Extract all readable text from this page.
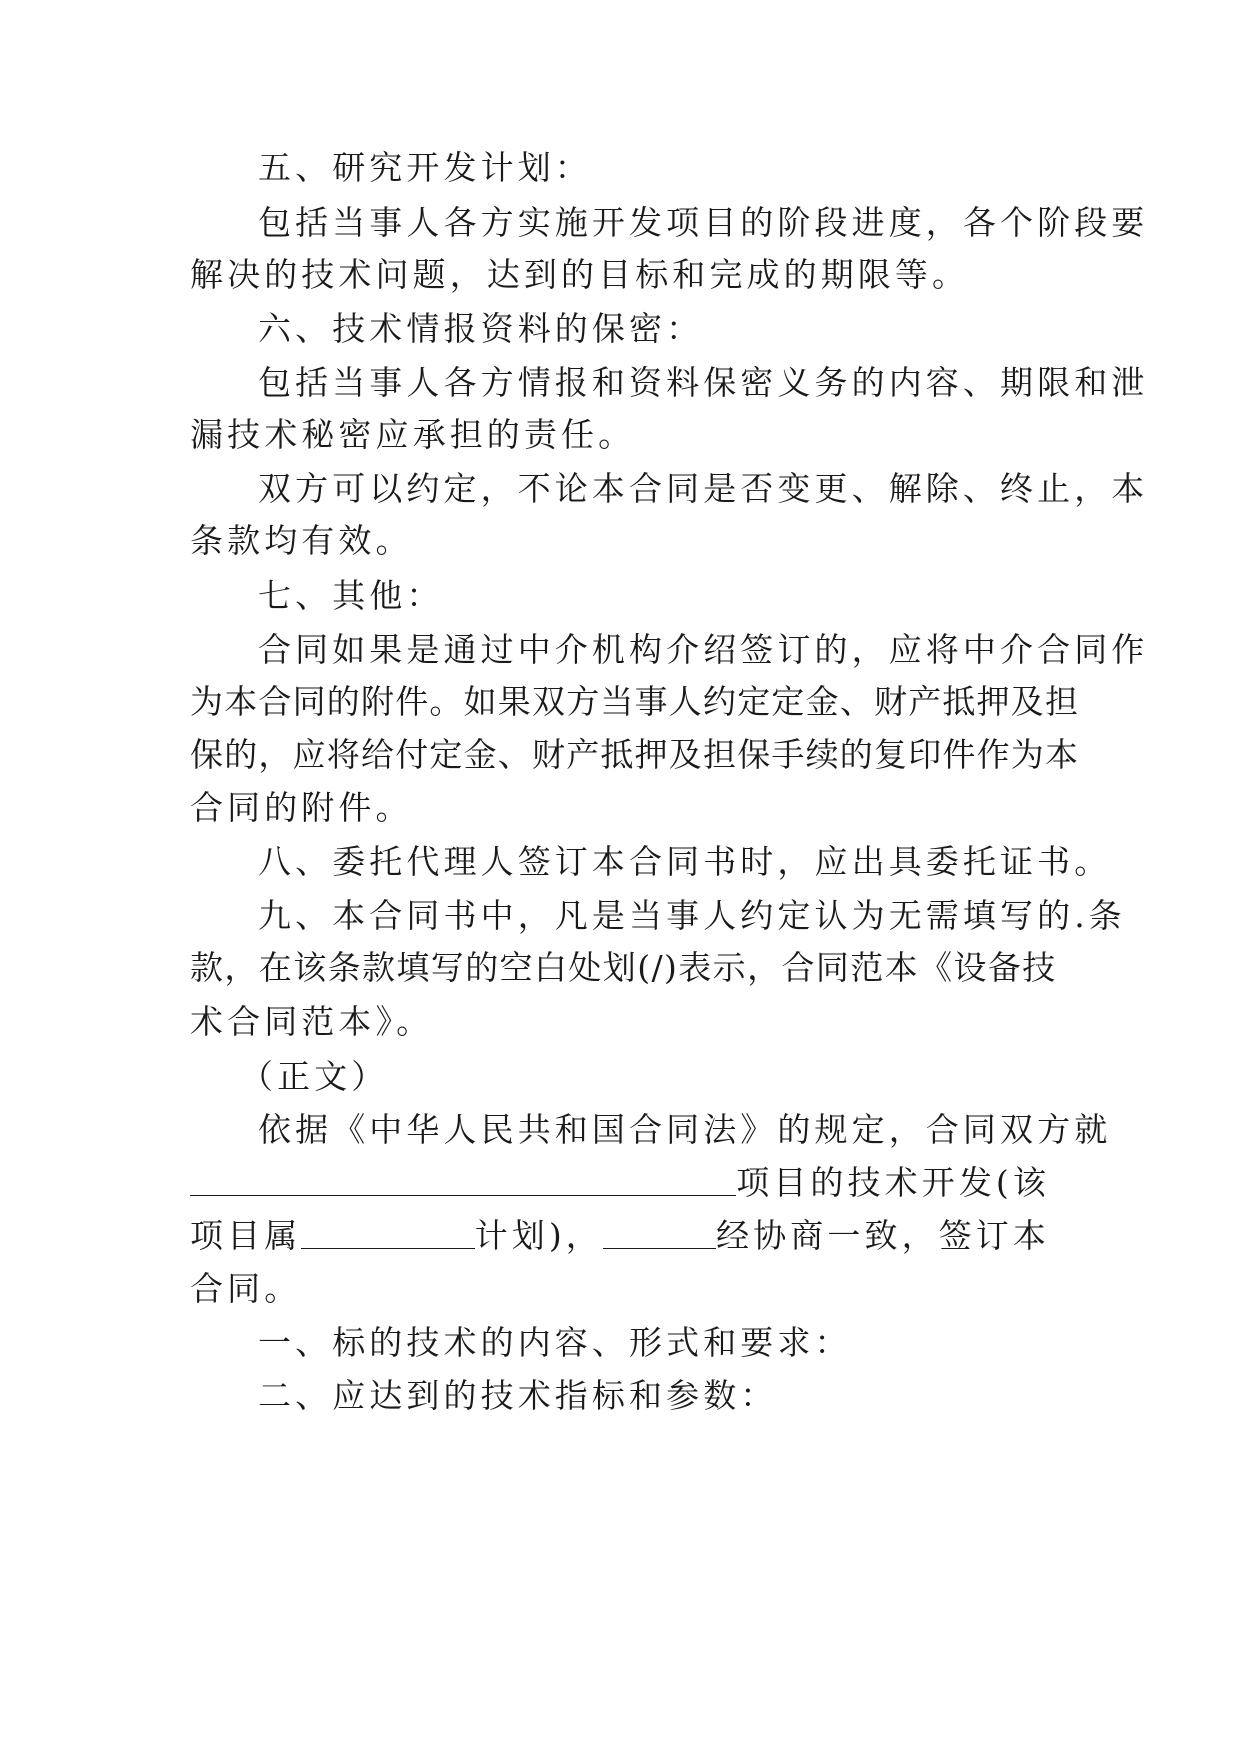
五、研究开发计划：
包括当事人各方实施开发项目的阶段进度，各个阶段要
解决的技术问题，达到的目标和完成的期限等。
六、技术情报资料的保密：
包括当事人各方情报和资料保密义务的内容、期限和泄
漏技术秘密应承担的责任。
双方可以约定，不论本合同是否变更、解除、终止，本
条款均有效。
七、其他：
合同如果是通过中介机构介绍签订的，应将中介合同作
为本合同的附件。如果双方当事人约定定金、财产抵押及担
保的，应将给付定金、财产抵押及担保手续的复印件作为本
合同的附件。
八、委托代理人签订本合同书时，应出具委托证书。
九、本合同书中，凡是当事人约定认为无需填写的.条
款，在该条款填写的空白处划(/)表示，合同范本《设备技
术合同范本》。
（正文）
依据《中华人民共和国合同法》的规定，合同双方就
项目的技术开发(该
项目属	计划)，	经协商一致，签订本
合同。
一、标的技术的内容、形式和要求：
二、应达到的技术指标和参数：
